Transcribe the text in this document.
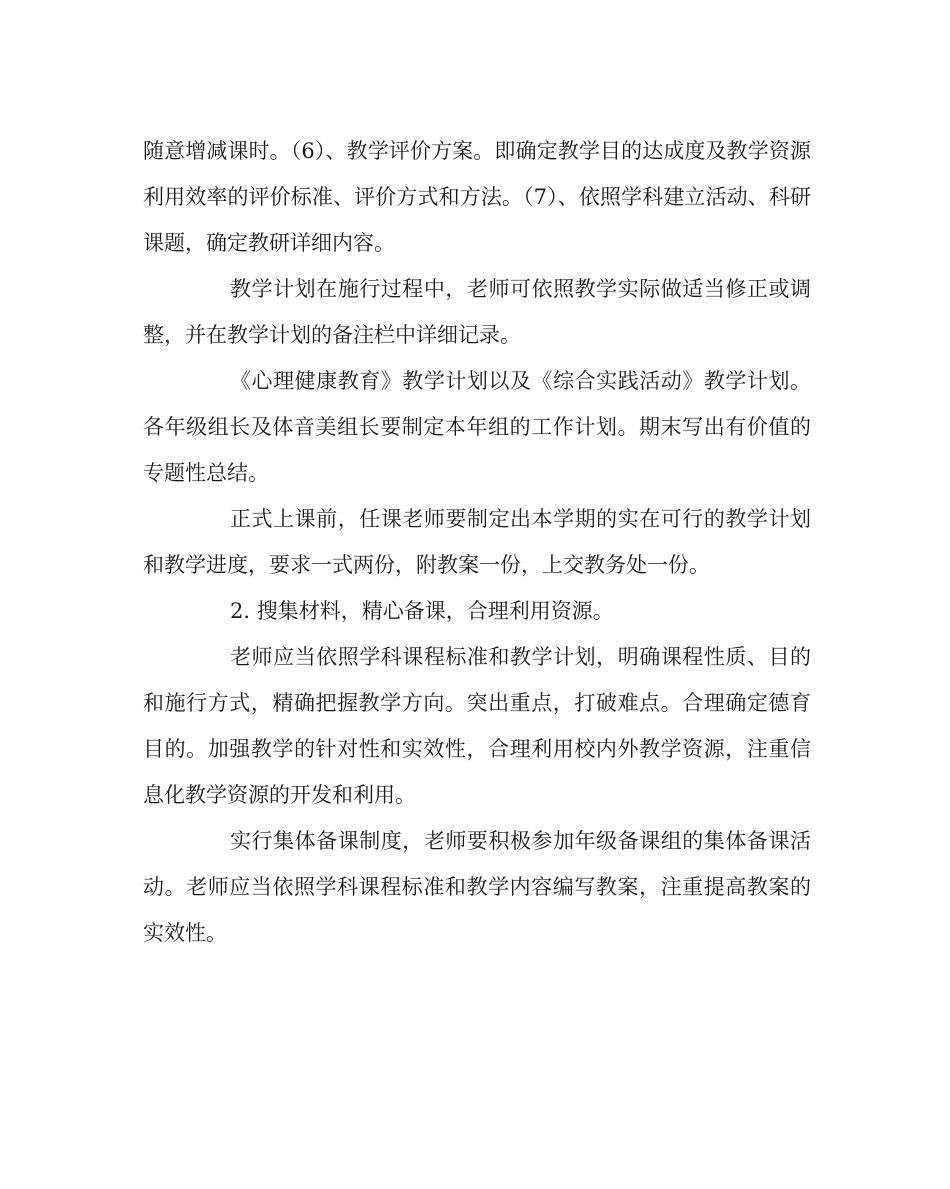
随意增减课时。（6）、教学评价方案。即确定教学目的达成度及教学资源利用效率的评价标准、评价方式和方法。（7）、依照学科建立活动、科研课题，确定教研详细内容。

教学计划在施行过程中，老师可依照教学实际做适当修正或调整，并在教学计划的备注栏中详细记录。

《心理健康教育》教学计划以及《综合实践活动》教学计划。各年级组长及体音美组长要制定本年组的工作计划。期末写出有价值的专题性总结。

正式上课前，任课老师要制定出本学期的实在可行的教学计划和教学进度，要求一式两份，附教案一份，上交教务处一份。

2. 搜集材料，精心备课，合理利用资源。

老师应当依照学科课程标准和教学计划，明确课程性质、目的和施行方式，精确把握教学方向。突出重点，打破难点。合理确定德育目的。加强教学的针对性和实效性，合理利用校内外教学资源，注重信息化教学资源的开发和利用。

实行集体备课制度，老师要积极参加年级备课组的集体备课活动。老师应当依照学科课程标准和教学内容编写教案，注重提高教案的实效性。
